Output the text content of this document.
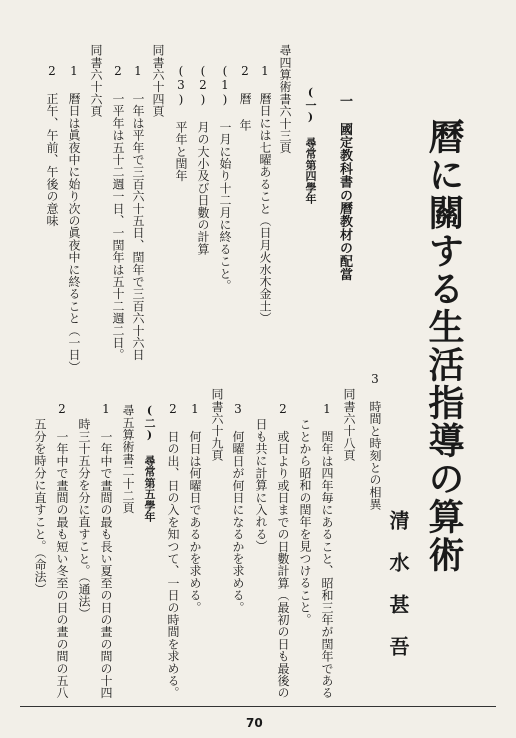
曆に關する生活指導の算術
清水甚吾
一 國定教科書の曆教材の配當
(一) 尋常第四學年
尋四算術書六十三頁
1 曆日には七曜あること（日月火水木金土）
2 曆 年
(1) 一月に始り十二月に終ること。
(2) 月の大小及び日數の計算
(3) 平年と閏年
同書六十四頁
1 一年は平年で三百六十五日、閏年で三百六十六日
2 一平年は五十二週一日、一閏年は五十二週二日。
同書六十六頁
1 曆日は眞夜中に始り次の眞夜中に終ること（一日）
2 正午、午前、午後の意味
3 時間と時刻との相異
同書六十八頁
1 閏年は四年毎にあること、昭和三年が閏年である
ことから昭和の閏年を見つけること。
2 或日より或日までの日數計算（最初の日も最後の
日も共に計算に入れる）
3 何曜日が何日になるかを求める。
同書六十九頁
1 何日は何曜日であるかを求める。
2 日の出、日の入を知つて、一日の時間を求める。
(二) 尋常第五學年
尋五算術書二十二頁
1 一年中で晝間の最も長い夏至の日の晝の間の十四
時三十五分を分に直すこと。（通法）
2 一年中で晝間の最も短い冬至の日の晝の間の五八
五分を時分に直すこと。（命法）
70
